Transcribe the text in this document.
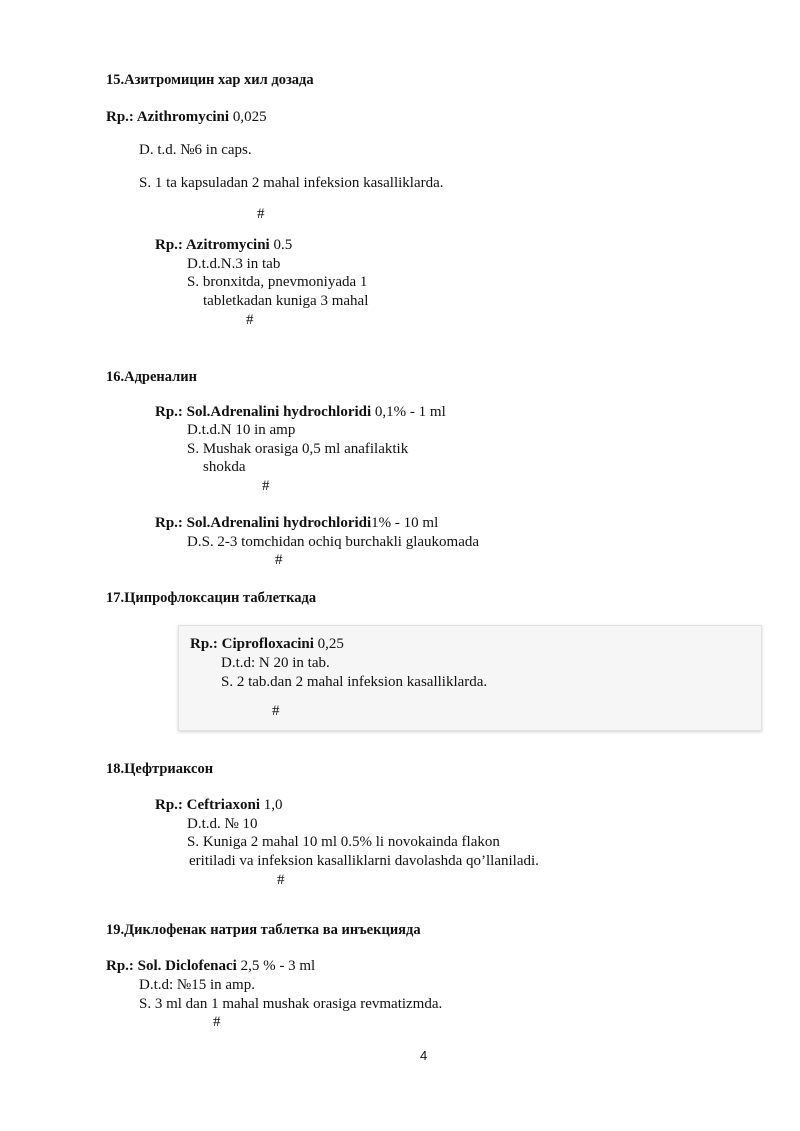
15.Азитромицин хар хил дозада
Rp.: Azithromycini 0,025
D. t.d. №6 in caps.
S. 1 ta kapsuladan 2 mahal infeksion kasalliklarda.
#
Rp.: Azitromycini 0.5
D.t.d.N.3 in tab
S. bronxitda, pnevmoniyada 1
tabletkadan kuniga 3 mahal
#
16.Адреналин
Rp.: Sol.Adrenalini hydrochloridi 0,1% - 1 ml
D.t.d.N 10 in amp
S. Mushak orasiga 0,5 ml anafilaktik
shokda
#
Rp.: Sol.Adrenalini hydrochloridi1% - 10 ml
D.S. 2-3 tomchidan ochiq burchakli glaukomada
#
17.Ципрофлоксацин таблеткада
Rp.: Ciprofloxacini 0,25
D.t.d: N 20 in tab.
S. 2 tab.dan 2 mahal infeksion kasalliklarda.
#
18.Цефтриаксон
Rp.: Ceftriaxoni 1,0
D.t.d. № 10
S. Kuniga 2 mahal 10 ml 0.5% li novokainda flakon
eritiladi va infeksion kasalliklarni davolashda qo’llaniladi.
#
19.Диклофенак натрия таблетка ва инъекцияда
Rp.: Sol. Diclofenaci 2,5 % - 3 ml
D.t.d: №15 in amp.
S. 3 ml dan 1 mahal mushak orasiga revmatizmda.
#
4
